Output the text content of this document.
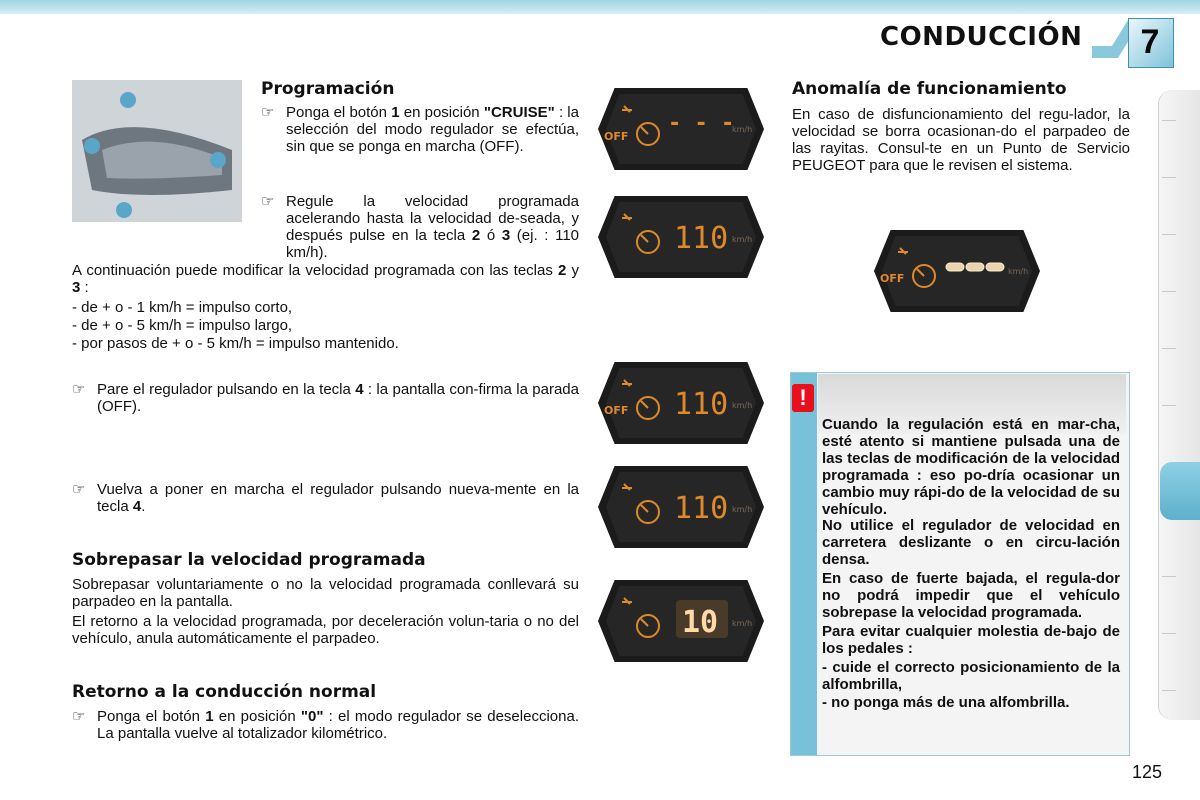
CONDUCCIÓN	7
Programación
☞ Ponga el botón 1 en posición "CRUISE" : la selección del modo regulador se efectúa, sin que se ponga en marcha (OFF).
☞ Regule la velocidad programada acelerando hasta la velocidad de-seada, y después pulse en la tecla 2 ó 3 (ej. : 110 km/h).
A continuación puede modificar la velocidad programada con las teclas 2 y 3 :
- de + o - 1 km/h = impulso corto,
- de + o - 5 km/h = impulso largo,
- por pasos de + o - 5 km/h = impulso mantenido.
☞ Pare el regulador pulsando en la tecla 4 : la pantalla con-firma la parada (OFF).
☞ Vuelva a poner en marcha el regulador pulsando nueva-mente en la tecla 4.
Sobrepasar la velocidad programada
Sobrepasar voluntariamente o no la velocidad programada conllevará su parpadeo en la pantalla.
El retorno a la velocidad programada, por deceleración volun-taria o no del vehículo, anula automáticamente el parpadeo.
Retorno a la conducción normal
☞ Ponga el botón 1 en posición "0" : el modo regulador se deselecciona. La pantalla vuelve al totalizador kilométrico.
OFF
- - -
km/h
110 km/h
OFF 110 km/h
110 km/h
10 km/h
Anomalía de funcionamiento
En caso de disfuncionamiento del regu-lador, la velocidad se borra ocasionan-do el parpadeo de las rayitas. Consul-te en un Punto de Servicio PEUGEOT para que le revisen el sistema.
OFF
km/h
!
Cuando la regulación está en mar-cha, esté atento si mantiene pulsada una de las teclas de modificación de la velocidad programada : eso po-dría ocasionar un cambio muy rápi-do de la velocidad de su vehículo.
No utilice el regulador de velocidad en carretera deslizante o en circu-lación densa.
En caso de fuerte bajada, el regula-dor no podrá impedir que el vehículo sobrepase la velocidad programada.
Para evitar cualquier molestia de-bajo de los pedales :
- cuide el correcto posicionamiento de la alfombrilla,
- no ponga más de una alfombrilla.
125
